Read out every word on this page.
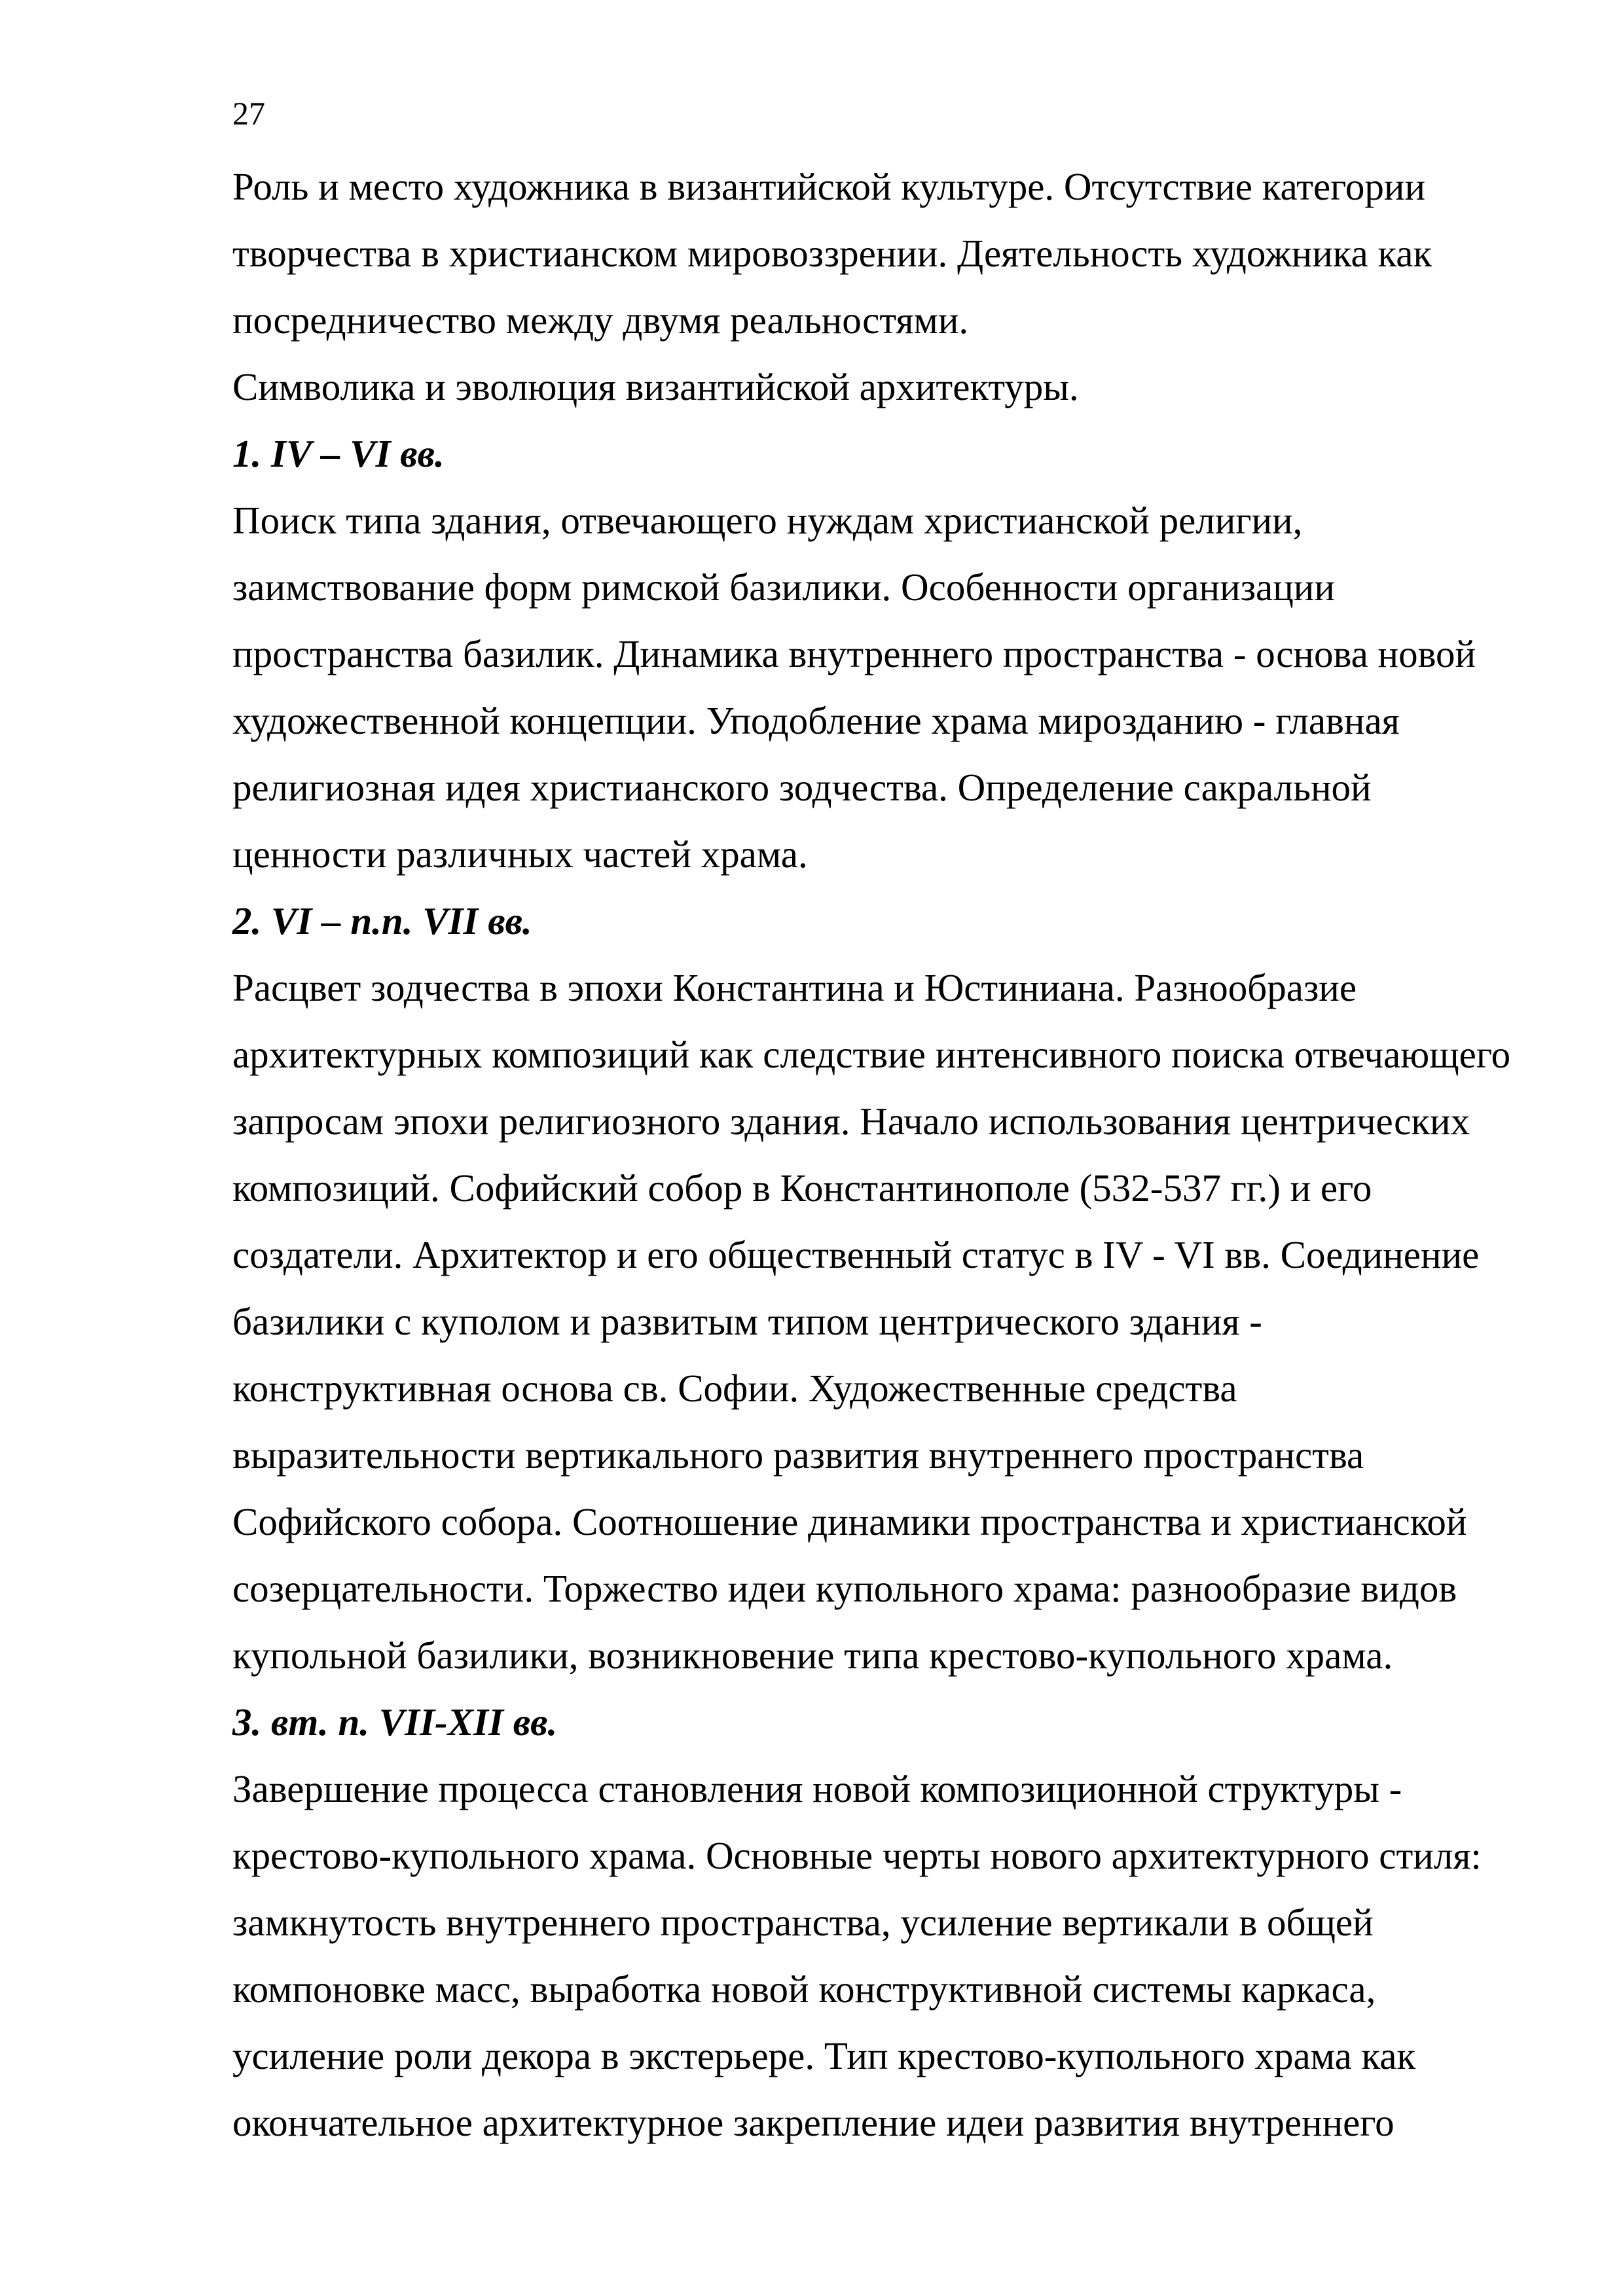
27
Роль и место художника в византийской культуре. Отсутствие категории
творчества в христианском мировоззрении. Деятельность художника как
посредничество между двумя реальностями.
Символика и эволюция византийской архитектуры.
1. IV – VI вв.
Поиск типа здания, отвечающего нуждам христианской религии,
заимствование форм римской базилики. Особенности организации
пространства базилик. Динамика внутреннего пространства - основа новой
художественной концепции. Уподобление храма мирозданию - главная
религиозная идея христианского зодчества. Определение сакральной
ценности различных частей храма.
2. VI – п.п. VII вв.
Расцвет зодчества в эпохи Константина и Юстиниана. Разнообразие
архитектурных композиций как следствие интенсивного поиска отвечающего
запросам эпохи религиозного здания. Начало использования центрических
композиций. Софийский собор в Константинополе (532-537 гг.) и его
создатели. Архитектор и его общественный статус в IV - VI вв. Соединение
базилики с куполом и развитым типом центрического здания -
конструктивная основа св. Софии. Художественные средства
выразительности вертикального развития внутреннего пространства
Софийского собора. Соотношение динамики пространства и христианской
созерцательности. Торжество идеи купольного храма: разнообразие видов
купольной базилики, возникновение типа крестово-купольного храма.
3. вт. п. VII-XII вв.
Завершение процесса становления новой композиционной структуры -
крестово-купольного храма. Основные черты нового архитектурного стиля:
замкнутость внутреннего пространства, усиление вертикали в общей
компоновке масс, выработка новой конструктивной системы каркаса,
усиление роли декора в экстерьере. Тип крестово-купольного храма как
окончательное архитектурное закрепление идеи развития внутреннего
